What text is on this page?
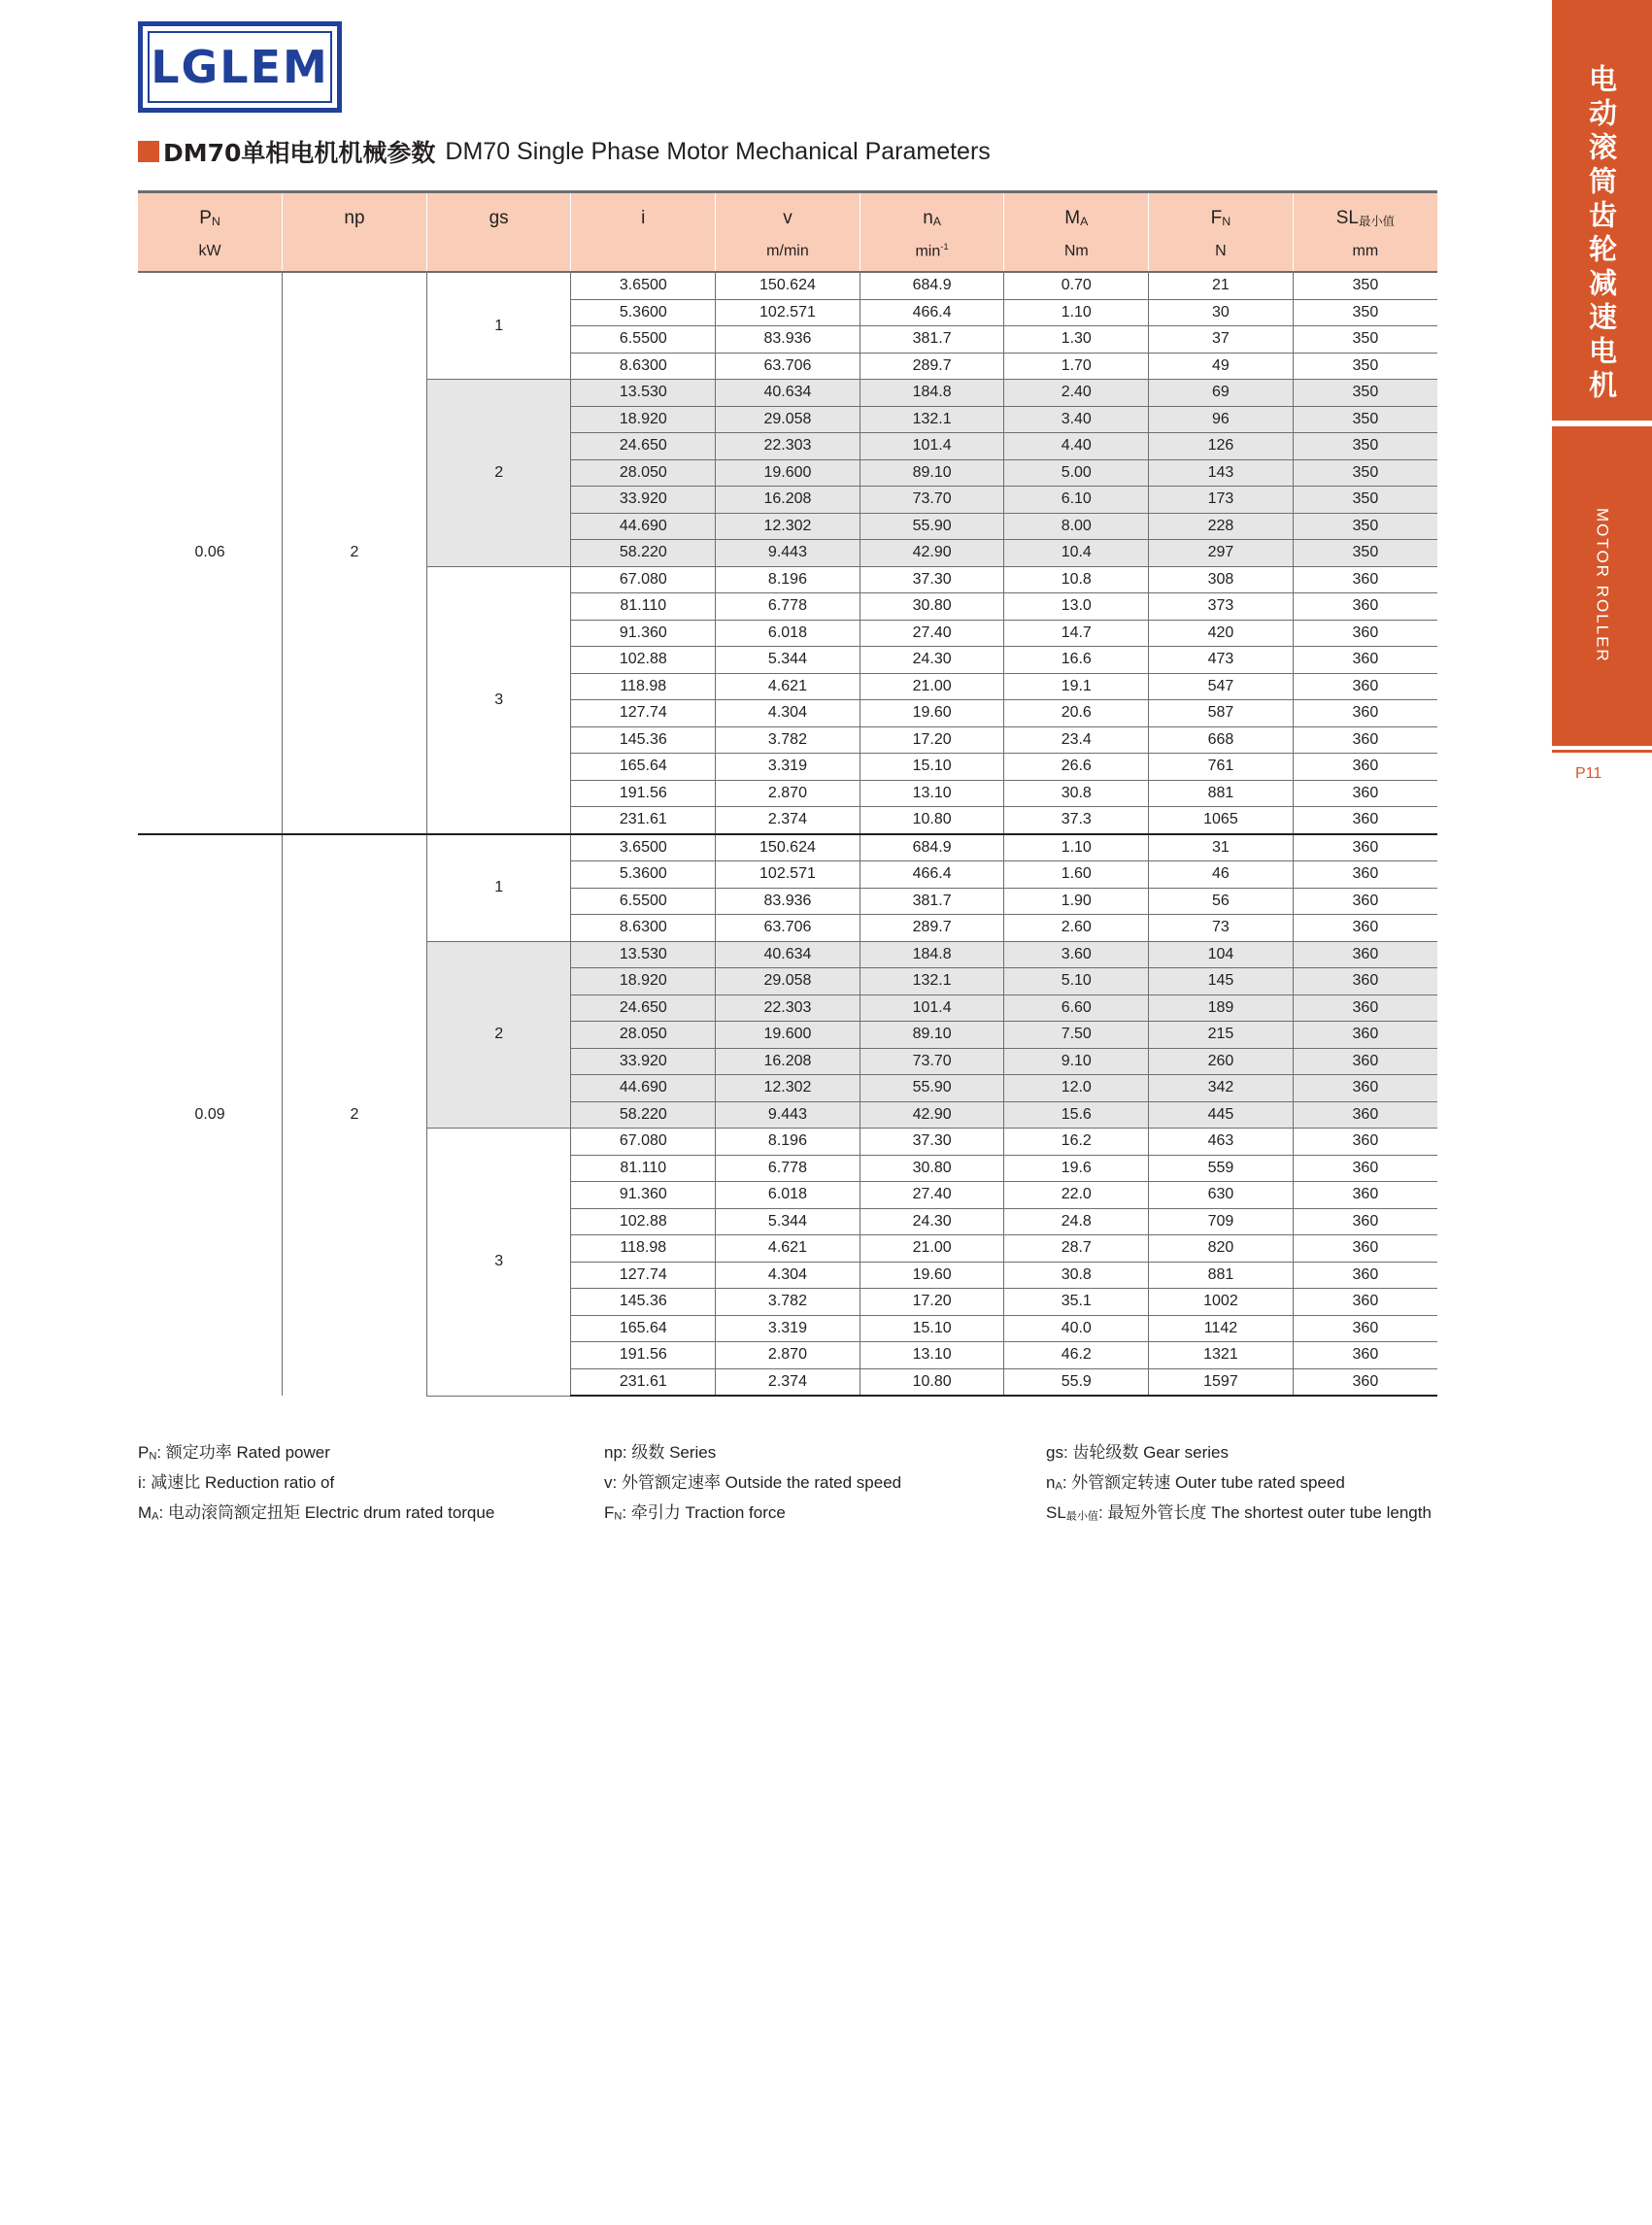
LGLEM
DM70单相电机机械参数 DM70 Single Phase Motor Mechanical Parameters	电动滚筒齿轮减速电机
MOTOR ROLLER
P11
$P_N$	np	gs	i	v	$n_A$	$M_A$	$F_N$	$SL_{最小值}$
kW				m/min	$\min^{-1}$	Nm	N	mm
0.06	2	1	3.6500	150.624	684.9	0.70	21	350
			5.3600	102.571	466.4	1.10	30	350
			6.5500	83.936	381.7	1.30	37	350
			8.6300	63.706	289.7	1.70	49	350
		2	13.530	40.634	184.8	2.40	69	350
			18.920	29.058	132.1	3.40	96	350
			24.650	22.303	101.4	4.40	126	350
			28.050	19.600	89.10	5.00	143	350
			33.920	16.208	73.70	6.10	173	350
			44.690	12.302	55.90	8.00	228	350
			58.220	9.443	42.90	10.4	297	350
		3	67.080	8.196	37.30	10.8	308	360
			81.110	6.778	30.80	13.0	373	360
			91.360	6.018	27.40	14.7	420	360
			102.88	5.344	24.30	16.6	473	360
			118.98	4.621	21.00	19.1	547	360
			127.74	4.304	19.60	20.6	587	360
			145.36	3.782	17.20	23.4	668	360
			165.64	3.319	15.10	26.6	761	360
			191.56	2.870	13.10	30.8	881	360
			231.61	2.374	10.80	37.3	1065	360
0.09	2	1	3.6500	150.624	684.9	1.10	31	360
			5.3600	102.571	466.4	1.60	46	360
			6.5500	83.936	381.7	1.90	56	360
			8.6300	63.706	289.7	2.60	73	360
		2	13.530	40.634	184.8	3.60	104	360
			18.920	29.058	132.1	5.10	145	360
			24.650	22.303	101.4	6.60	189	360
			28.050	19.600	89.10	7.50	215	360
			33.920	16.208	73.70	9.10	260	360
			44.690	12.302	55.90	12.0	342	360
			58.220	9.443	42.90	15.6	445	360
		3	67.080	8.196	37.30	16.2	463	360
			81.110	6.778	30.80	19.6	559	360
			91.360	6.018	27.40	22.0	630	360
			102.88	5.344	24.30	24.8	709	360
			118.98	4.621	21.00	28.7	820	360
			127.74	4.304	19.60	30.8	881	360
			145.36	3.782	17.20	35.1	1002	360
			165.64	3.319	15.10	40.0	1142	360
			191.56	2.870	13.10	46.2	1321	360
			231.61	2.374	10.80	55.9	1597	360
$P_N$: 额定功率 Rated power	np: 级数 Series	gs: 齿轮级数 Gear series
i: 减速比 Reduction ratio of	v: 外管额定速率 Outside the rated speed	$n_A$: 外管额定转速 Outer tube rated speed
$M_A$: 电动滚筒额定扭矩 Electric drum rated torque	$F_N$: 牵引力 Traction force	$SL_{最小值}$: 最短外管长度 The shortest outer tube length
